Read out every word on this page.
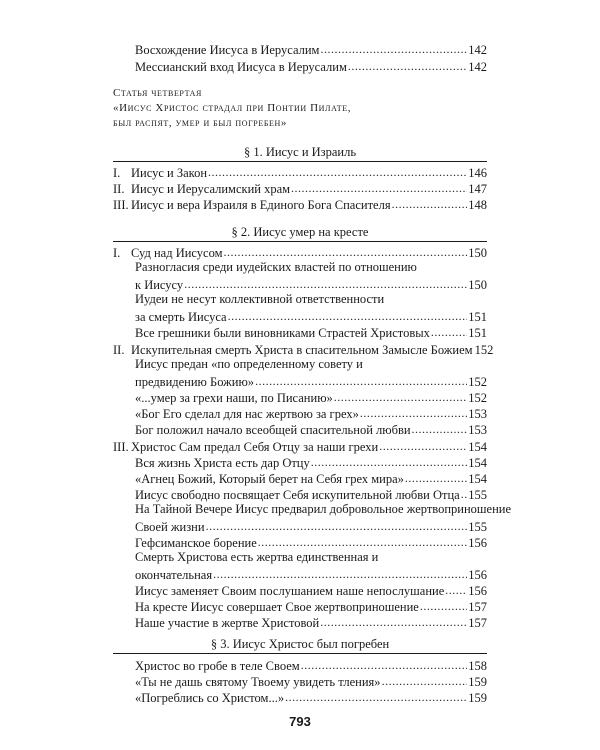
Восхождение Иисуса в Иерусалим .....	142
Мессианский вход Иисуса в Иерусалим .....	142
Статья четвертая
«Иисус Христос страдал при Понтии Пилате,
был распят, умер и был погребен»
§ 1. Иисус и Израиль
I. Иисус и Закон .....	146
II. Иисус и Иерусалимский храм .....	147
III. Иисус и вера Израиля в Единого Бога Спасителя .....	148
§ 2. Иисус умер на кресте
I. Суд над Иисусом .....	150
Разногласия среди иудейских властей по отношению
к Иисусу .....	150
Иудеи не несут коллективной ответственности
за смерть Иисуса .....	151
Все грешники были виновниками Страстей Христовых .....	151
II. Искупительная смерть Христа в спасительном Замысле Божием 152
Иисус предан «по определенному совету и
предвидению Божию» .....	152
«...умер за грехи наши, по Писанию» .....	152
«Бог Его сделал для нас жертвою за грех» .....	153
Бог положил начало всеобщей спасительной любви .....	153
III. Христос Сам предал Себя Отцу за наши грехи .....	154
Вся жизнь Христа есть дар Отцу .....	154
«Агнец Божий, Который берет на Себя грех мира» .....	154
Иисус свободно посвящает Себя искупительной любви Отца ..... 155
На Тайной Вечере Иисус предварил добровольное жертвоприношение
Своей жизни .....	155
Гефсиманское борение .....	156
Смерть Христова есть жертва единственная и
окончательная .....	156
Иисус заменяет Своим послушанием наше непослушание ..... 156
На кресте Иисус совершает Свое жертвоприношение .....	157
Наше участие в жертве Христовой .....	157
§ 3. Иисус Христос был погребен
Христос во гробе в теле Своем .....	158
«Ты не дашь святому Твоему увидеть тления» .....	159
«Погреблись со Христом...» .....	159
793
